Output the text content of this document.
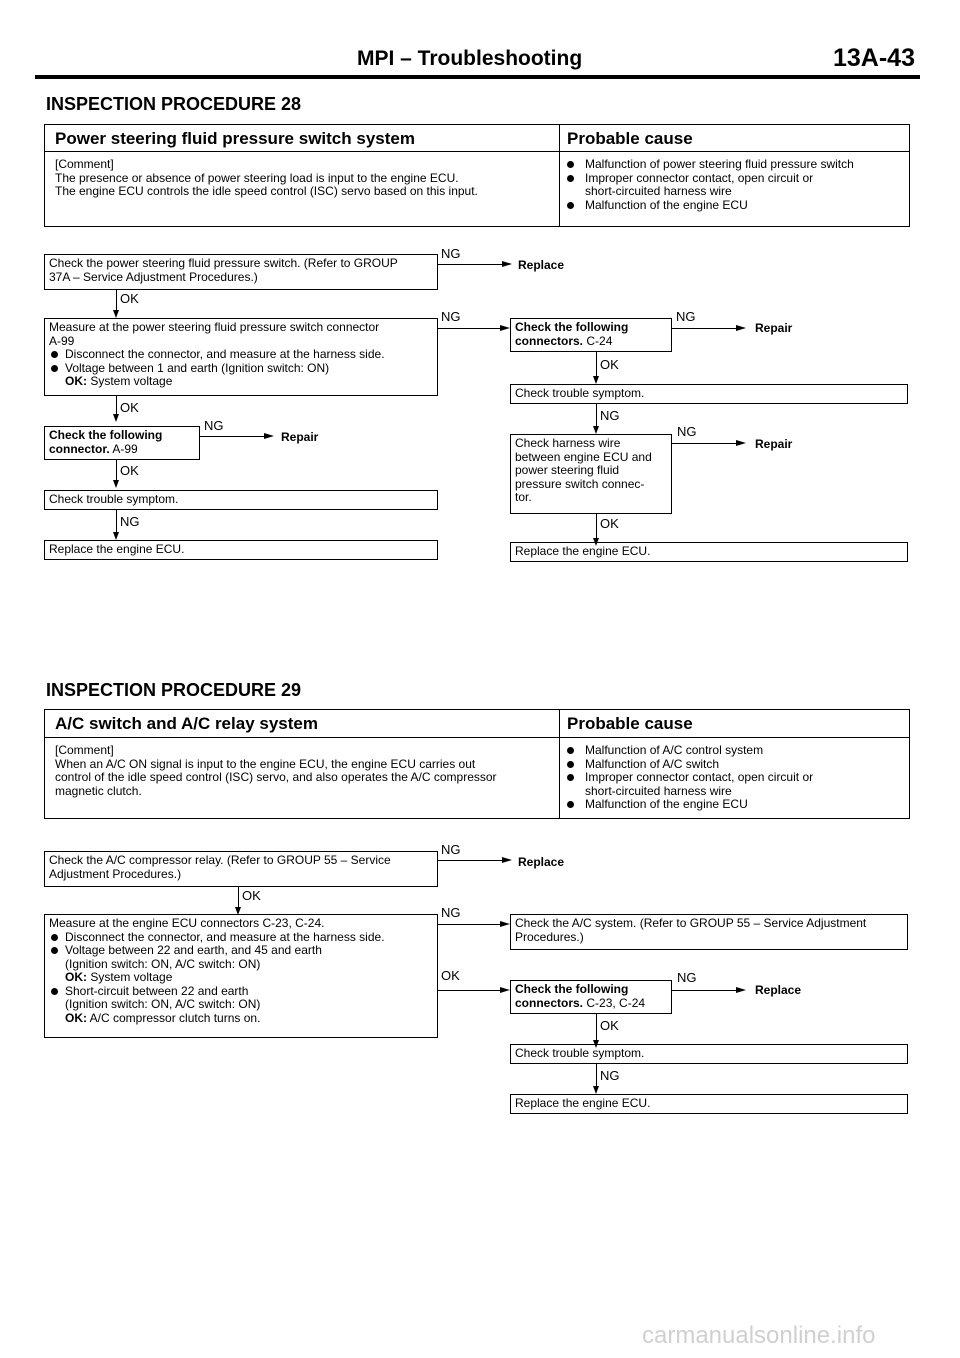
MPI – Troubleshooting	13A-43
INSPECTION PROCEDURE 28
Power steering fluid pressure switch system	Probable cause
[Comment]
The presence or absence of power steering load is input to the engine ECU.
The engine ECU controls the idle speed control (ISC) servo based on this input.
Malfunction of power steering fluid pressure switch
Improper connector contact, open circuit or
short-circuited harness wire
Malfunction of the engine ECU
Check the power steering fluid pressure switch. (Refer to GROUP
37A – Service Adjustment Procedures.)
NG
Replace
OK
Measure at the power steering fluid pressure switch connector
A-99
Disconnect the connector, and measure at the harness side.
Voltage between 1 and earth (Ignition switch: ON)
OK: System voltage
NG
OK
Check the following
connector. A-99
NG
Repair
OK
Check trouble symptom.
NG
Replace the engine ECU.
Check the following
connectors. C-24
NG
Repair
OK
Check trouble symptom.
NG
Check harness wire
between engine ECU and
power steering fluid
pressure switch connec-
tor.
NG
Repair
OK
Replace the engine ECU.
INSPECTION PROCEDURE 29
A/C switch and A/C relay system	Probable cause
[Comment]
When an A/C ON signal is input to the engine ECU, the engine ECU carries out
control of the idle speed control (ISC) servo, and also operates the A/C compressor
magnetic clutch.
Malfunction of A/C control system
Malfunction of A/C switch
Improper connector contact, open circuit or
short-circuited harness wire
Malfunction of the engine ECU
Check the A/C compressor relay. (Refer to GROUP 55 – Service
Adjustment Procedures.)
NG
Replace
OK
Measure at the engine ECU connectors C-23, C-24.
Disconnect the connector, and measure at the harness side.
Voltage between 22 and earth, and 45 and earth
(Ignition switch: ON, A/C switch: ON)
OK: System voltage
Short-circuit between 22 and earth
(Ignition switch: ON, A/C switch: ON)
OK: A/C compressor clutch turns on.
NG
OK
Check the A/C system. (Refer to GROUP 55 – Service Adjustment
Procedures.)
Check the following
connectors. C-23, C-24
NG
Replace
OK
Check trouble symptom.
NG
Replace the engine ECU.
carmanualsonline.info
